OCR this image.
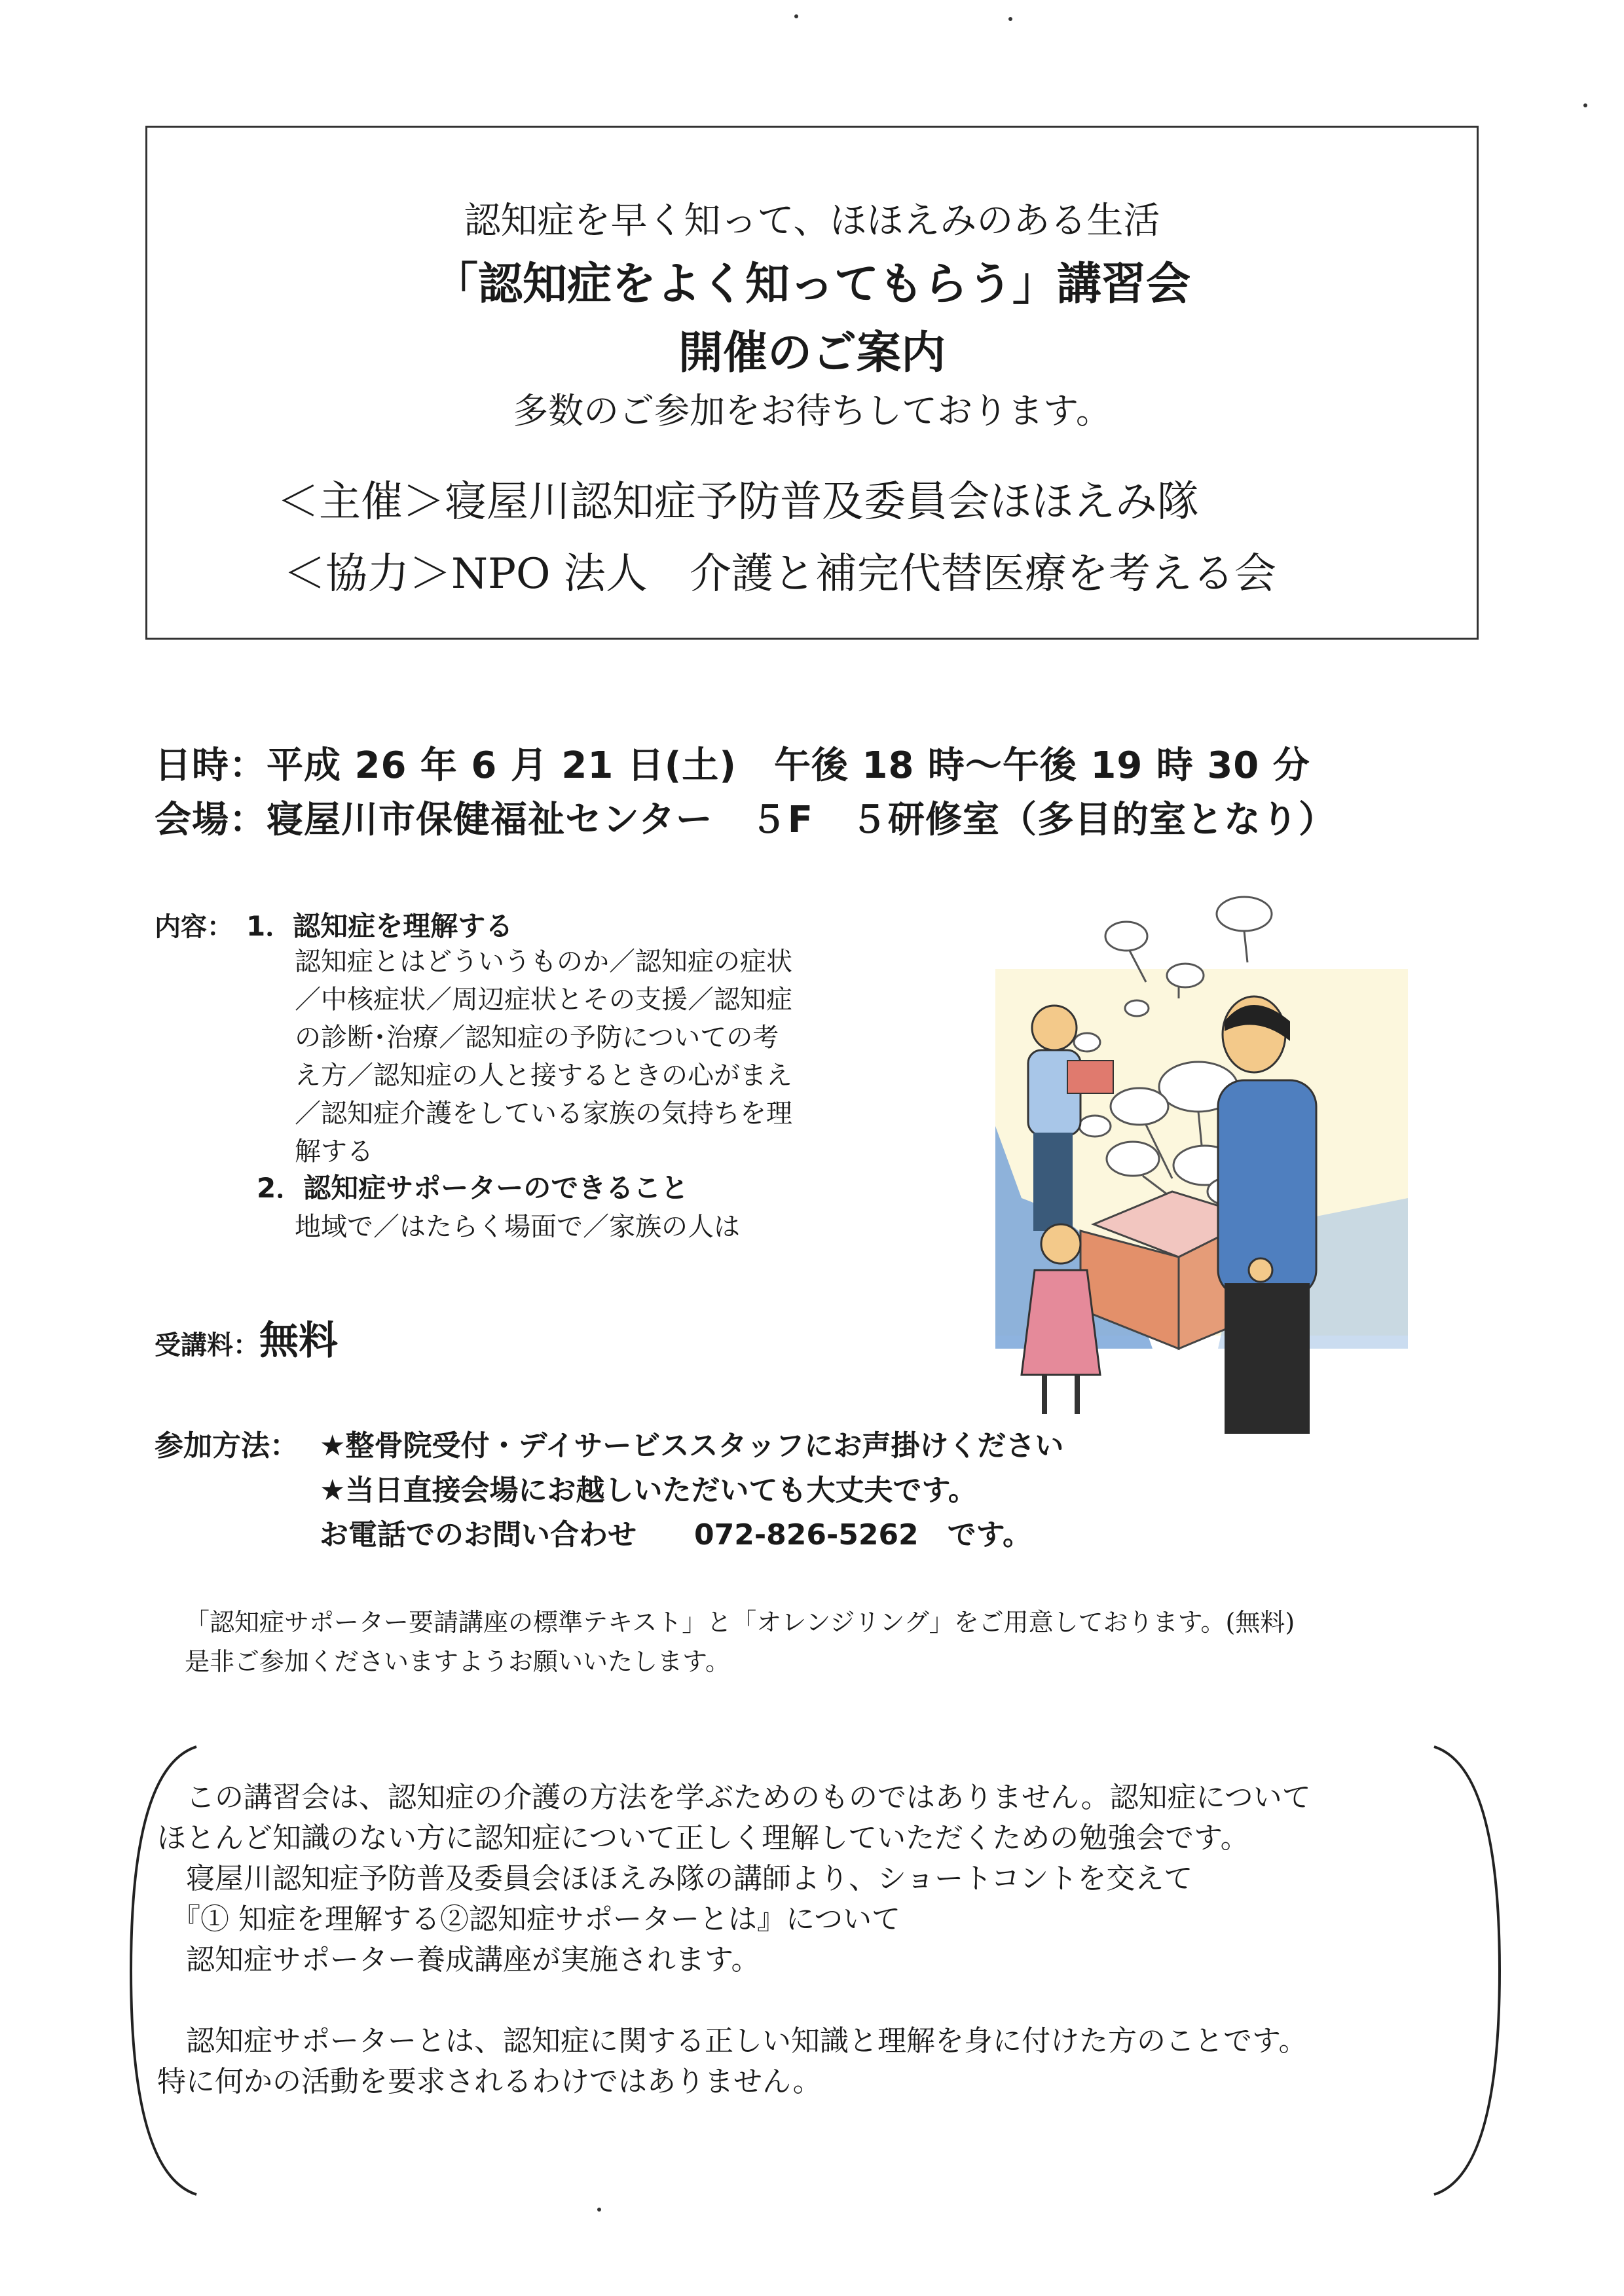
認知症を早く知って、ほほえみのある生活
「認知症をよく知ってもらう」講習会
開催のご案内
多数のご参加をお待ちしております。
＜主催＞寝屋川認知症予防普及委員会ほほえみ隊
＜協力＞NPO 法人　介護と補完代替医療を考える会
日時：平成 26 年 6 月 21 日(土)　午後 18 時～午後 19 時 30 分
会場：寝屋川市保健福祉センター　５F　５研修室（多目的室となり）
内容： 1．認知症を理解する
認知症とはどういうものか／認知症の症状／中核症状／周辺症状とその支援／認知症の診断･治療／認知症の予防についての考え方／認知症の人と接するときの心がまえ／認知症介護をしている家族の気持ちを理解する
2．認知症サポーターのできること
地域で／はたらく場面で／家族の人は
受講料：無料
参加方法： ★整骨院受付・デイサービススタッフにお声掛けください
★当日直接会場にお越しいただいても大丈夫です。
お電話でのお問い合わせ　　072-826-5262　です。
「認知症サポーター要請講座の標準テキスト」と「オレンジリング」をご用意しております。(無料)
是非ご参加くださいますようお願いいたします。
　この講習会は、認知症の介護の方法を学ぶためのものではありません。認知症について
ほとんど知識のない方に認知症について正しく理解していただくための勉強会です。
　寝屋川認知症予防普及委員会ほほえみ隊の講師より、ショートコントを交えて
　『① 知症を理解する②認知症サポーターとは』について
　認知症サポーター養成講座が実施されます。
　認知症サポーターとは、認知症に関する正しい知識と理解を身に付けた方のことです。
特に何かの活動を要求されるわけではありません。
